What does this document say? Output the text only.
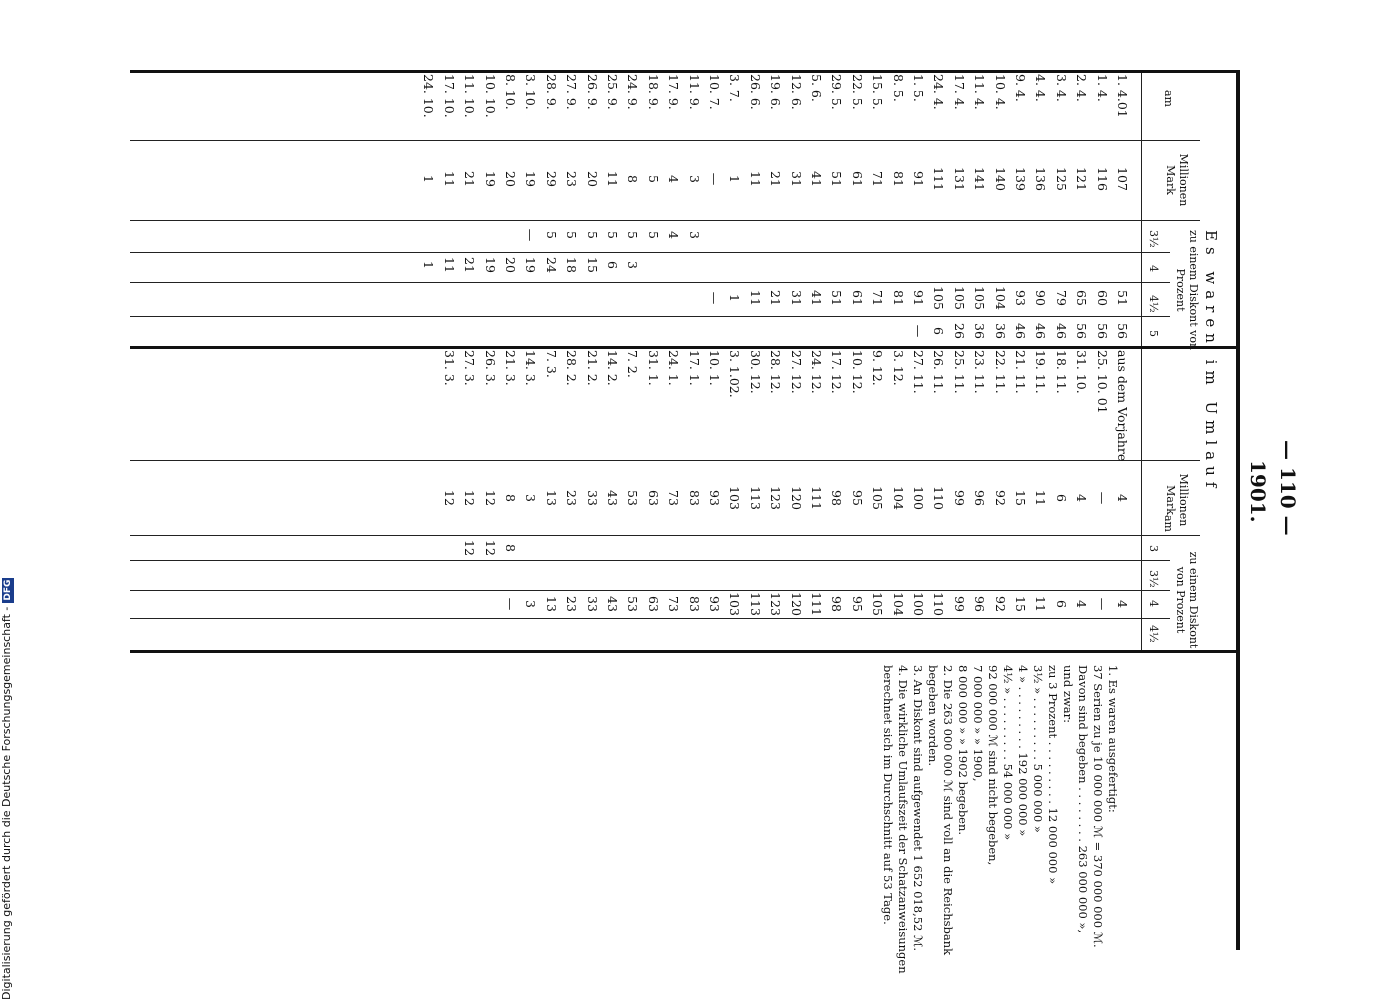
— 110 —
1901.
Es waren im Umlauf
am
Millionen Mark
zu einem Diskont von Prozent
am Millionen Mark
zu einem Diskont von Prozent
3½
4
4½
5
3
3½
4
4½
1. 4.01
107
51
56
1. 4.
116
60
56
2. 4.
121
65
56
3. 4.
125
79
46
4. 4.
136
90
46
9. 4.
139
93
46
10. 4.
140
104
36
11. 4.
141
105
36
17. 4.
131
105
26
24. 4.
111
105
6
1. 5.
91
91
—
8. 5.
81
81
15. 5.
71
71
22. 5.
61
61
29. 5.
51
51
5. 6.
41
41
12. 6.
31
31
19. 6.
21
21
26. 6.
11
11
3. 7.
1
1
10. 7.
—
—
11. 9.
3
3
17. 9.
4
4
18. 9.
5
5
24. 9.
8
5
3
25. 9.
11
5
6
26. 9.
20
5
15
27. 9.
23
5
18
28. 9.
29
5
24
3. 10.
19
—
19
8. 10.
20
20
10. 10.
19
19
11. 10.
21
21
17. 10.
11
11
24. 10.
1
1
aus dem Vorjahre
4
4
25. 10. 01
—
—
31. 10.
4
4
18. 11.
6
6
19. 11.
11
11
21. 11.
15
15
22. 11.
92
92
23. 11.
96
96
25. 11.
99
99
26. 11.
110
110
27. 11.
100
100
3. 12.
104
104
9. 12.
105
105
10. 12.
95
95
17. 12.
98
98
24. 12.
111
111
27. 12.
120
120
28. 12.
123
123
30. 12.
113
113
3. 1.02.
103
103
10. 1.
93
93
17. 1.
83
83
24. 1.
73
73
31. 1.
63
63
7. 2.
53
53
14. 2.
43
43
21. 2.
33
33
28. 2.
23
23
7. 3.
13
13
14. 3.
3
3
21. 3.
8
8
—
26. 3.
12
12
27. 3.
12
12
31. 3.
12
1. Es waren ausgefertigt:
37 Serien zu je 10 000 000 ℳ = 370 000 000 ℳ.
Davon sind begeben . . . . . . . . 263 000 000 »,
und zwar:
zu 3 Prozent . . . . . . . . . 12 000 000 »
3½ » . . . . . . . . . 5 000 000 »
4 » . . . . . . . . . 192 000 000 »
4½ » . . . . . . . . . 54 000 000 »
92 000 000 ℳ sind nicht begeben,
7 000 000 » » 1900,
8 000 000 » » 1902 begeben.
2. Die 263 000 000 ℳ sind voll an die Reichsbank
begeben worden.
3. An Diskont sind aufgewendet 1 652 018,52 ℳ.
4. Die wirkliche Umlaufszeit der Schatzanweisungen
berechnet sich im Durchschnitt auf 53 Tage.
Digitalisierung gefördert durch die Deutsche Forschungsgemeinschaft -DFG
